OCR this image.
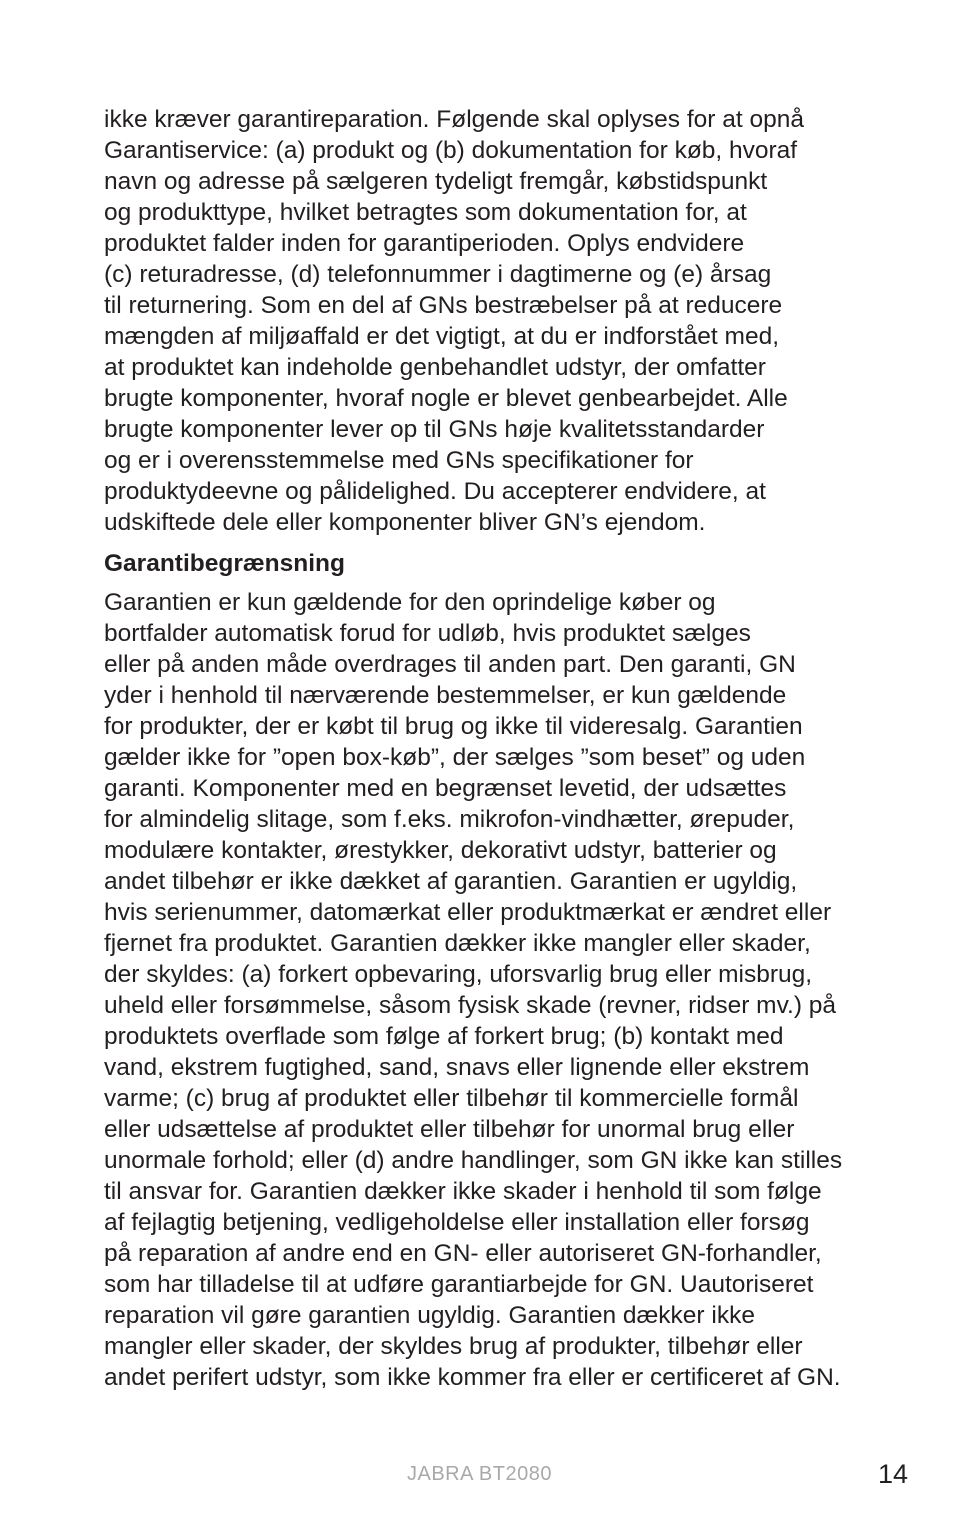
ikke kræver garantireparation. Følgende skal oplyses for at opnå
Garantiservice: (a) produkt og (b) dokumentation for køb, hvoraf
navn og adresse på sælgeren tydeligt fremgår, købstidspunkt
og produkttype, hvilket betragtes som dokumentation for, at
produktet falder inden for garantiperioden. Oplys endvidere
(c) returadresse, (d) telefonnummer i dagtimerne og (e) årsag
til returnering. Som en del af GNs bestræbelser på at reducere
mængden af miljøaffald er det vigtigt, at du er indforstået med,
at produktet kan indeholde genbehandlet udstyr, der omfatter
brugte komponenter, hvoraf nogle er blevet genbearbejdet. Alle
brugte komponenter lever op til GNs høje kvalitetsstandarder
og er i overensstemmelse med GNs specifikationer for
produktydeevne og pålidelighed. Du accepterer endvidere, at
udskiftede dele eller komponenter bliver GN’s ejendom.

Garantibegrænsning

Garantien er kun gældende for den oprindelige køber og
bortfalder automatisk forud for udløb, hvis produktet sælges
eller på anden måde overdrages til anden part. Den garanti, GN
yder i henhold til nærværende bestemmelser, er kun gældende
for produkter, der er købt til brug og ikke til videresalg. Garantien
gælder ikke for ”open box-køb”, der sælges ”som beset” og uden
garanti. Komponenter med en begrænset levetid, der udsættes
for almindelig slitage, som f.eks. mikrofon-vindhætter, ørepuder,
modulære kontakter, ørestykker, dekorativt udstyr, batterier og
andet tilbehør er ikke dækket af garantien. Garantien er ugyldig,
hvis serienummer, datomærkat eller produktmærkat er ændret eller
fjernet fra produktet. Garantien dækker ikke mangler eller skader,
der skyldes: (a) forkert opbevaring, uforsvarlig brug eller misbrug,
uheld eller forsømmelse, såsom fysisk skade (revner, ridser mv.) på
produktets overflade som følge af forkert brug; (b) kontakt med
vand, ekstrem fugtighed, sand, snavs eller lignende eller ekstrem
varme; (c) brug af produktet eller tilbehør til kommercielle formål
eller udsættelse af produktet eller tilbehør for unormal brug eller
unormale forhold; eller (d) andre handlinger, som GN ikke kan stilles
til ansvar for. Garantien dækker ikke skader i henhold til som følge
af fejlagtig betjening, vedligeholdelse eller installation eller forsøg
på reparation af andre end en GN- eller autoriseret GN-forhandler,
som har tilladelse til at udføre garantiarbejde for GN. Uautoriseret
reparation vil gøre garantien ugyldig. Garantien dækker ikke
mangler eller skader, der skyldes brug af produkter, tilbehør eller
andet perifert udstyr, som ikke kommer fra eller er certificeret af GN.

JABRA BT2080	14
